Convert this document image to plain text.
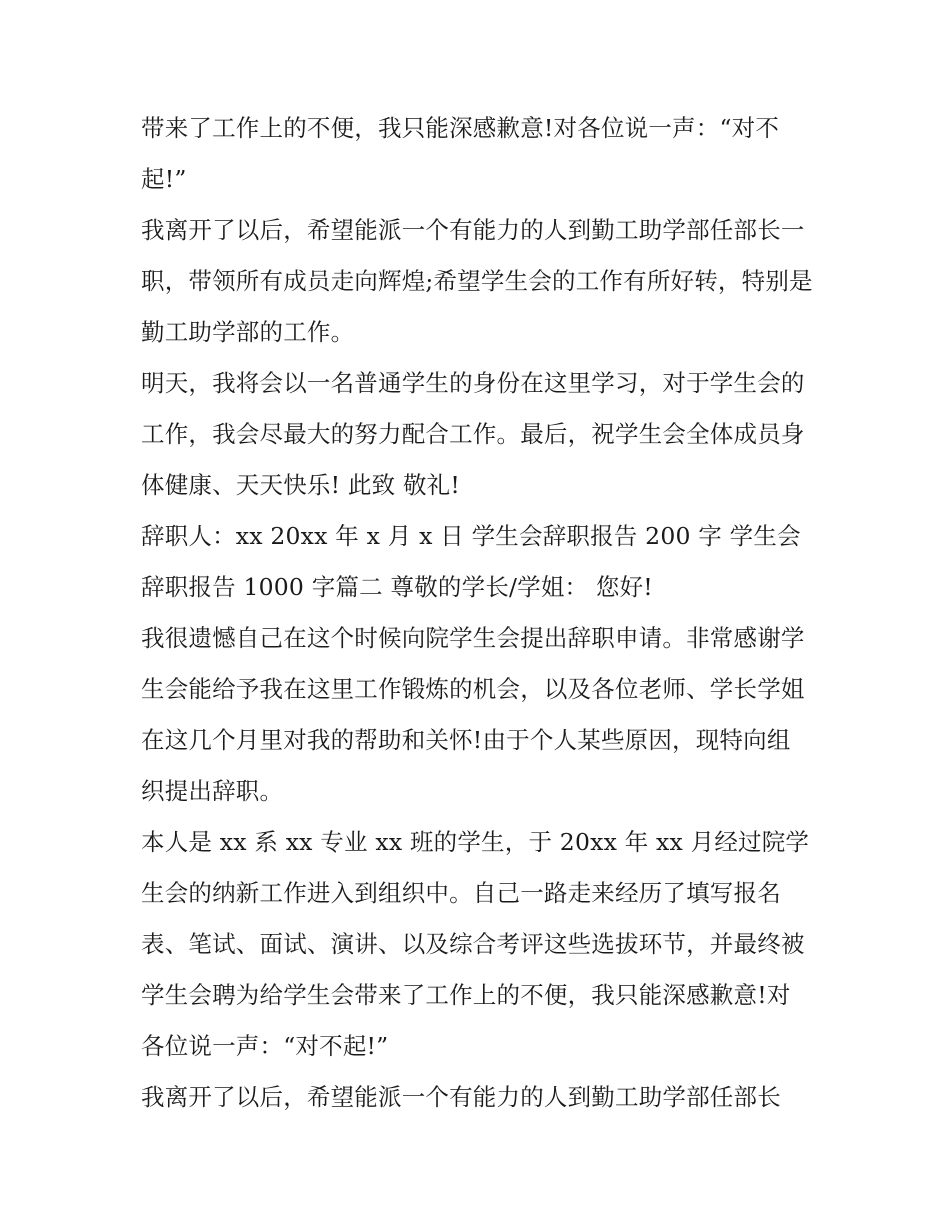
带来了工作上的不便，我只能深感歉意!对各位说一声：“对不起!”

我离开了以后，希望能派一个有能力的人到勤工助学部任部长一职，带领所有成员走向辉煌;希望学生会的工作有所好转，特别是勤工助学部的工作。

明天，我将会以一名普通学生的身份在这里学习，对于学生会的工作，我会尽最大的努力配合工作。最后，祝学生会全体成员身体健康、天天快乐! 此致 敬礼!

辞职人：xx 20xx 年 x 月 x 日 学生会辞职报告 200 字 学生会辞职报告 1000 字篇二 尊敬的学长/学姐： 您好!

我很遗憾自己在这个时候向院学生会提出辞职申请。非常感谢学生会能给予我在这里工作锻炼的机会，以及各位老师、学长学姐在这几个月里对我的帮助和关怀!由于个人某些原因，现特向组织提出辞职。

本人是 xx 系 xx 专业 xx 班的学生，于 20xx 年 xx 月经过院学生会的纳新工作进入到组织中。自己一路走来经历了填写报名表、笔试、面试、演讲、以及综合考评这些选拔环节，并最终被学生会聘为给学生会带来了工作上的不便，我只能深感歉意!对各位说一声：“对不起!”

我离开了以后，希望能派一个有能力的人到勤工助学部任部长
